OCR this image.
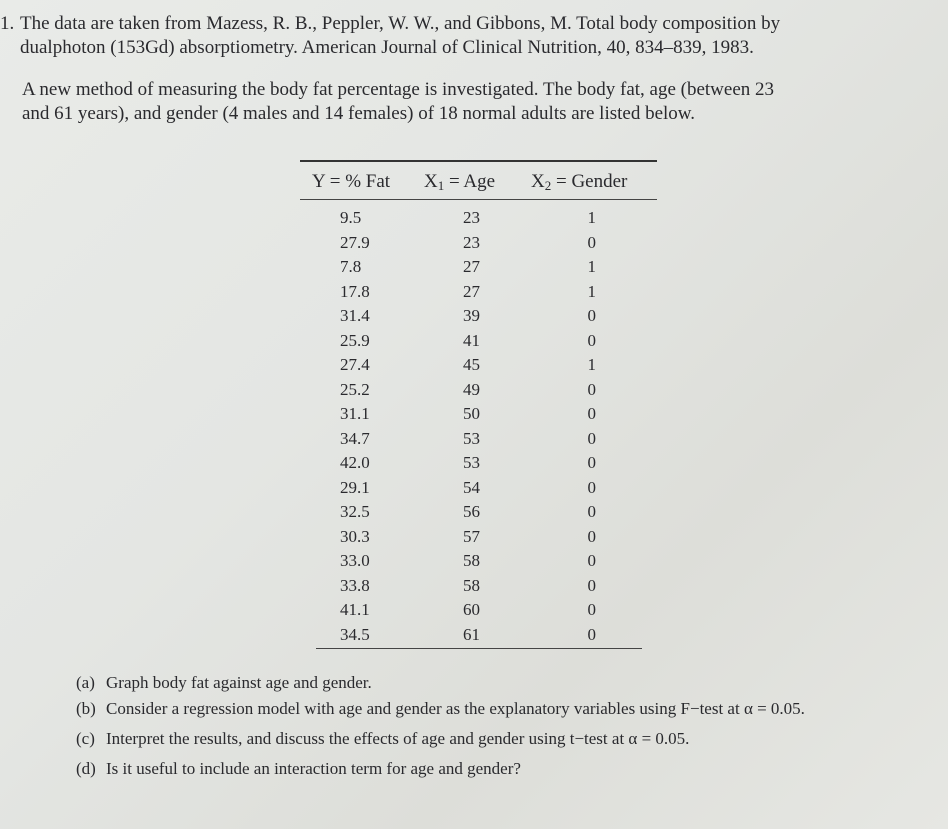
1. The data are taken from Mazess, R. B., Peppler, W. W., and Gibbons, M. Total body composition by
dualphoton (153Gd) absorptiometry. American Journal of Clinical Nutrition, 40, 834–839, 1983.

A new method of measuring the body fat percentage is investigated. The body fat, age (between 23
and 61 years), and gender (4 males and 14 females) of 18 normal adults are listed below.

Y = % Fat $X_1$ = Age $X_2$ = Gender
9.5	23	1
27.9	23	0
7.8	27	1
17.8	27	1
31.4	39	0
25.9	41	0
27.4	45	1
25.2	49	0
31.1	50	0
34.7	53	0
42.0	53	0
29.1	54	0
32.5	56	0
30.3	57	0
33.0	58	0
33.8	58	0
41.1	60	0
34.5	61	0

(a) Graph body fat against age and gender.

(b) Consider a regression model with age and gender as the explanatory variables using F−test at α = 0.05.

(c) Interpret the results, and discuss the effects of age and gender using t−test at α = 0.05.

(d) Is it useful to include an interaction term for age and gender?
